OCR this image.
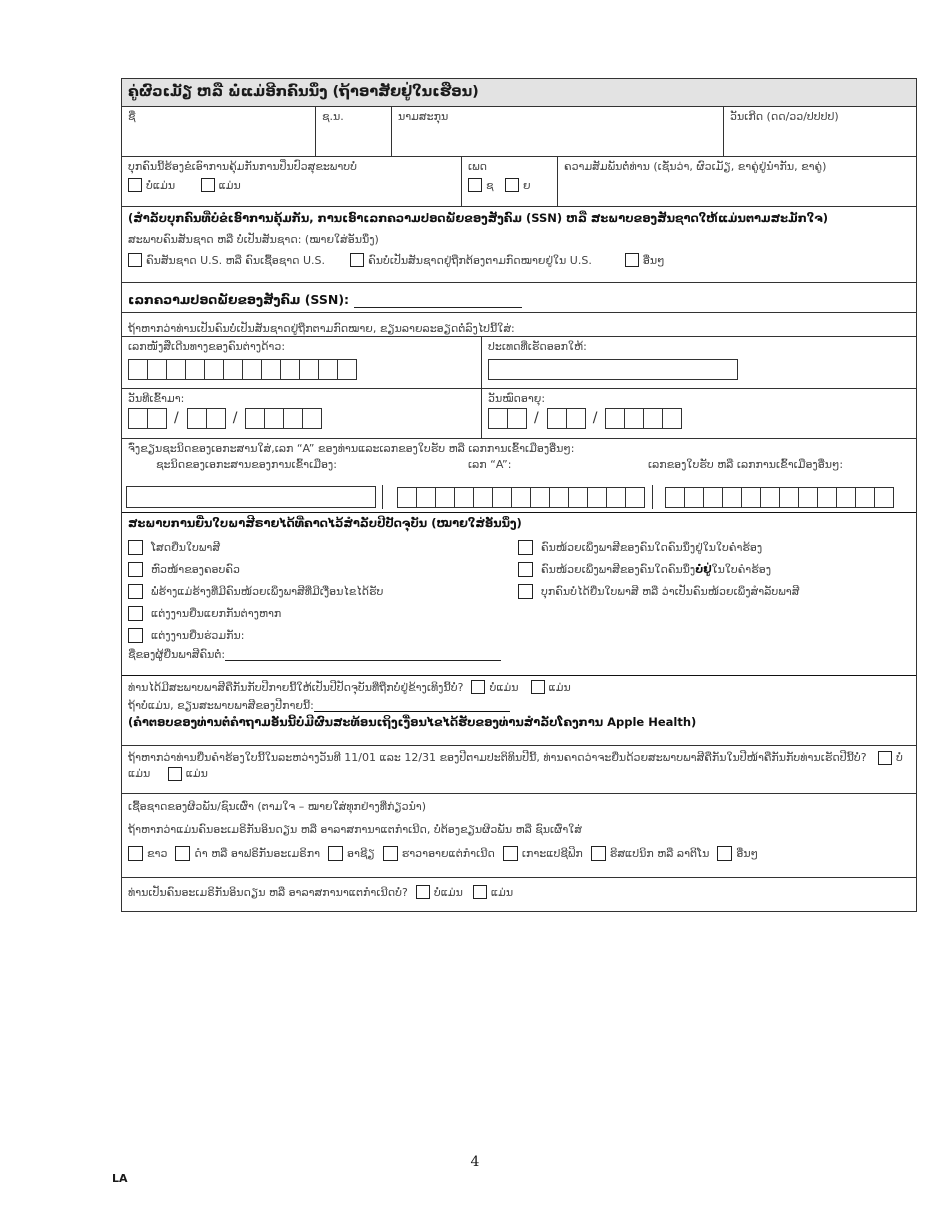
ຄູ່ຜົວເມັຽ ຫລື ພໍ່ແມ່ອີກຄົນນຶ່ງ (ຖ້າອາສັຍຢູ່ໃນເຮືອນ)
ຊື່	ຊ.ນ.	ນາມສະກຸນ	ວັນເກີດ (ດດ/ວວ/ປປປປ)
ບຸກຄົນນີ້ຮ້ອງຂໍເອົາການຄຸ້ມກັນການປິ່ນປົວສຸຂະພາບບໍ່
ບໍ່ແມ່ນ
	ແມ່ນ
ເພດ
ຊ
	ຍ
ຄວາມສັມພັນຕໍ່ທ່ານ (ເຊັ່ນວ່າ, ຜົວເມັຽ, ຂາຄູ່ຢູ່ນຳກັນ, ຂາຄູ່)
(ສຳລັບບຸກຄົນທີ່ບໍ່ຂໍເອົາການຄຸ້ມກັນ, ການເອົາເລກຄວາມປອດພັຍຂອງສັງຄົມ (SSN) ຫລື ສະພາບຂອງສັນຊາດໃຫ້ແມ່ນຕາມສະມັກໃຈ)
ສະພາບຄົນສັນຊາດ ຫລື ບໍ່ເປັນສັນຊາດ: (ໝາຍໃສ່ອັນນຶ່ງ)
ຄົນສັນຊາດ U.S. ຫລື ຄົນເຊື້ອຊາດ U.S.
	ຄົນບໍ່ເປັນສັນຊາດຢູ່ຖືກຕ້ອງຕາມກົດໝາຍຢູ່ໃນ U.S.
	ອື່ນໆ
ເລກຄວາມປອດພັຍຂອງສັງຄົມ (SSN):
ຖ້າຫາກວ່າທ່ານເປັນຄົນບໍ່ເປັນສັນຊາດຢູ່ຖືກຕາມກົດໝາຍ, ຂຽນລາຍລະອຽດຕໍ່ລົງໄປນີ້ໃສ່:
ເລກໜັງສືເດີນທາງຂອງຄົນຕ່າງດ້າວ:	ປະເທດທີ່ເຮັດອອກໃຫ້:
ວັນທີເຂົ້າມາ:
/	/
ວັນໝົດອາຍຸ:
/	/
ຈົ່ງຂຽນຊະນິດຂອງເອກະສານໃສ່,ເລກ “A” ຂອງທ່ານແລະເລກຂອງໃບຮັບ ຫລື ເລກການເຂົ້າເມືອງອື່ນໆ:
ຊະນິດຂອງເອກະສານຂອງການເຂົ້າເມືອງ:	ເລກ “A”:	ເລກຂອງໃບຮັບ ຫລື ເລກການເຂົ້າເມືອງອື່ນໆ:
ສະພາບການຍື່ນໃບພາສີຣາຍໄດ້ທີ່ຄາດໄວ້ສຳລັບປີປັດຈຸບັນ (ໝາຍໃສ່ອັນນຶ່ງ)
ໂສດຍື່ນໃບພາສີ
ຫົວໜ້າຂອງຄອບຄົວ
ພໍ່ຮ້າງແມ່ຮ້າງທີ່ມີຄົນໜ້ວຍເພິ່ງພາສີທີ່ມີເງື່ອນໄຂໄດ້ຮັບ
ແຕ່ງງານຍື່ນແຍກກັນຕ່າງຫາກ
ແຕ່ງງານຍື່ນຮ່ວມກັນ:
ຊື່ຂອງຜູ້ຍື່ນພາສີຄົນຕໍ່:
ຄົນໜ້ວຍເພິ່ງພາສີຂອງຄົນໃດຄົນນຶ່ງຢູ່ໃນໃບຄຳຮ້ອງ
ຄົນໜ້ວຍເພິ່ງພາສີຂອງຄົນໃດຄົນນຶ່ງ ບໍ່ຢູ່ ໃນໃບຄຳຮ້ອງ
ບຸກຄົນບໍ່ໄດ້ຍື່ນໃບພາສີ ຫລື ວ່າເປັນຄົນໜ້ວຍເພິ່ງສຳລັບພາສີ
ທ່ານໄດ້ມີສະພາບພາສີຄືກັນກັບປີກາຍນີ້ໃຫ້ເປັນປີປັດຈຸບັນທີ່ຖືກບໍ່ຢູ່ຂ້າງເທິງນີ້ບໍ່? ບໍ່ແມ່ນ	ແມ່ນ
ຖ້າບໍ່ແມ່ນ, ຂຽນສະພາບພາສີຂອງປີກາຍນີ້:
(ຄຳຕອບຂອງທ່ານຕໍ່ຄຳຖາມອັນນີ້ບໍ່ມີຜົນສະທ້ອນເຖິງເງື່ອນໄຂໄດ້ຮັບຂອງທ່ານສຳລັບໂຄງການ Apple Health)
ຖ້າຫາກວ່າທ່ານຍື່ນຄຳຮ້ອງໃບນີ້ໃນລະຫວ່າງວັນທີ 11/01 ແລະ 12/31 ຂອງປີຕາມປະຕິທິນປີນີ້, ທ່ານຄາດວ່າຈະຍື່ນດ້ວຍສະພາບພາສີຄືກັນໃນປີໜ້າຄືກັນກັບທ່ານເຮັດປີນີ້ບໍ່?	ບໍ່ແມ່ນ	ແມ່ນ
ເຊື້ອຊາດຂອງຜິວພັນ/ຊົນເຜົ່າ (ຕາມໃຈ – ໝາຍໃສ່ທຸກຢ່າງທີ່ກ່ຽວນຳ)
ຖ້າຫາກວ່າແມ່ນຄົນອະເມຣິກັນອິນດຽນ ຫລື ອາລາສການາແຕກໍາເນີດ, ບໍ່ຕ້ອງຂຽນຜິວພັນ ຫລື ຊົນເຜົ່າໃສ່
ຂາວ ດຳ ຫລື ອາຟຣິກັນອະເມຣິກາ ອາຊີຽ ຮາວາອາຍແຕ່ກຳເນີດ ເກາະແປຊີຟິກ ຮິສແປນິກ ຫລື ລາຕິໂນ ອື່ນໆ
ທ່ານເປັນຄົນອະເມຣິກັນອິນດຽນ ຫລື ອາລາສການາແຕກໍາເນີດບໍ່? ບໍ່ແມ່ນ	ແມ່ນ
4
LA
